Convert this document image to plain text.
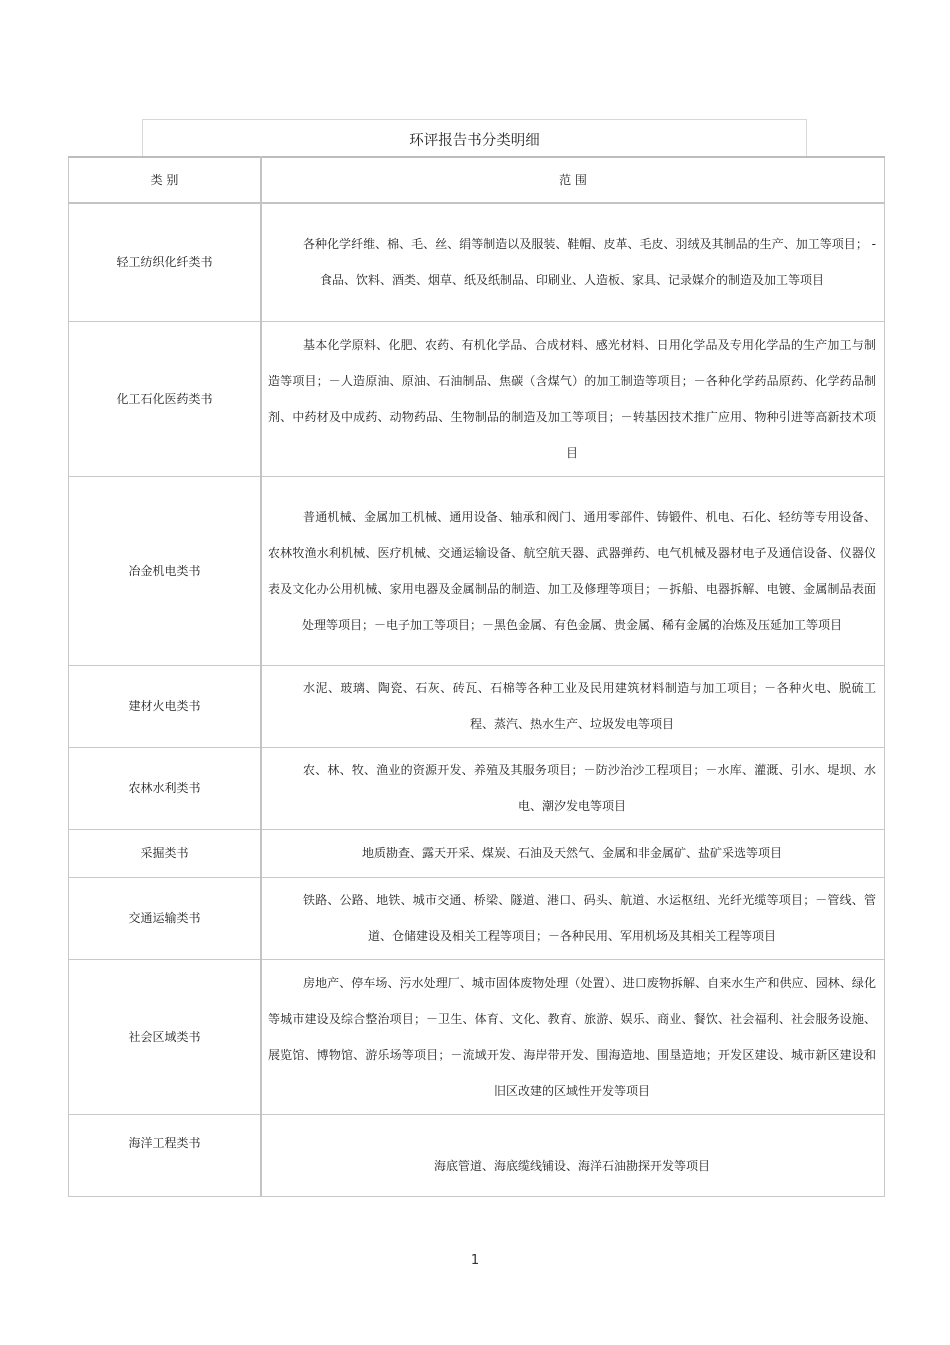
环评报告书分类明细
类 别	范 围

轻工纺织化纤类书	各种化学纤维、棉、毛、丝、绢等制造以及服装、鞋帽、皮革、毛皮、羽绒及其制品的生产、加工等项目； -食品、饮料、酒类、烟草、纸及纸制品、印刷业、人造板、家具、记录媒介的制造及加工等项目

化工石化医药类书	基本化学原料、化肥、农药、有机化学品、合成材料、感光材料、日用化学品及专用化学品的生产加工与制造等项目；－人造原油、原油、石油制品、焦碳（含煤气）的加工制造等项目；－各种化学药品原药、化学药品制剂、中药材及中成药、动物药品、生物制品的制造及加工等项目；－转基因技术推广应用、物种引进等高新技术项目

冶金机电类书	普通机械、金属加工机械、通用设备、轴承和阀门、通用零部件、铸锻件、机电、石化、轻纺等专用设备、农林牧渔水利机械、医疗机械、交通运输设备、航空航天器、武器弹药、电气机械及器材电子及通信设备、仪器仪表及文化办公用机械、家用电器及金属制品的制造、加工及修理等项目；－拆船、电器拆解、电镀、金属制品表面处理等项目；－电子加工等项目；－黑色金属、有色金属、贵金属、稀有金属的冶炼及压延加工等项目

建材火电类书	水泥、玻璃、陶瓷、石灰、砖瓦、石棉等各种工业及民用建筑材料制造与加工项目；－各种火电、脱硫工程、蒸汽、热水生产、垃圾发电等项目

农林水利类书	农、林、牧、渔业的资源开发、养殖及其服务项目；－防沙治沙工程项目；－水库、灌溉、引水、堤坝、水电、潮汐发电等项目

采掘类书	地质勘查、露天开采、煤炭、石油及天然气、金属和非金属矿、盐矿采选等项目

交通运输类书	铁路、公路、地铁、城市交通、桥梁、隧道、港口、码头、航道、水运枢纽、光纤光缆等项目；－管线、管道、仓储建设及相关工程等项目；－各种民用、军用机场及其相关工程等项目

社会区域类书	房地产、停车场、污水处理厂、城市固体废物处理（处置）、进口废物拆解、自来水生产和供应、园林、绿化等城市建设及综合整治项目；－卫生、体育、文化、教育、旅游、娱乐、商业、餐饮、社会福利、社会服务设施、展览馆、博物馆、游乐场等项目；－流域开发、海岸带开发、围海造地、围垦造地；开发区建设、城市新区建设和旧区改建的区域性开发等项目

海洋工程类书	海底管道、海底缆线铺设、海洋石油勘探开发等项目
1
